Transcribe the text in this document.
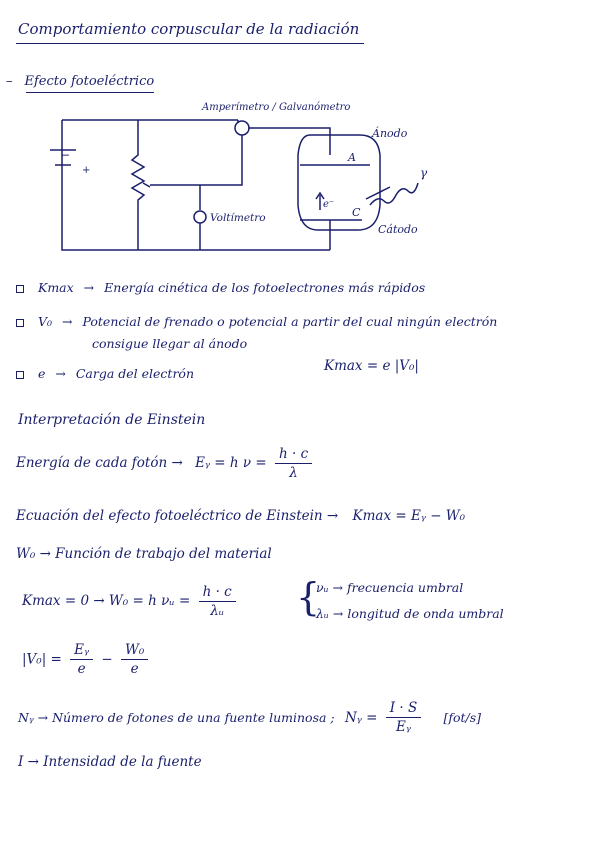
Comportamiento corpuscular de la radiación
– Efecto fotoeléctrico
−
+
Amperímetro / Galvanómetro
Voltímetro
Ánodo
Cátodo
A
C
e⁻
γ
Kmax → Energía cinética de los fotoelectrones más rápidos
V₀ → Potencial de frenado o potencial a partir del cual ningún electrón
consigue llegar al ánodo
e → Carga del electrón	Kmax = e |V₀|
Interpretación de Einstein
Energía de cada fotón → Eᵧ = h $\nu = \frac{h \cdot c}{\lambda}$
Ecuación del efecto fotoeléctrico de Einstein → Kmax = Eᵧ − W₀
W₀ → Función de trabajo del material
Kmax = 0 → W₀ = h νᵤ = $\frac{h \cdot c}{\text{λᵤ}}$ {
νᵤ → frecuencia umbral
λᵤ → longitud de onda umbral
$|V_0| = \frac{\text{Eᵧ}}{e} - \frac{\text{W₀}}{e}$
Nᵧ → Número de fotones de una fuente luminosa ; Nᵧ = $\frac{I \cdot S}{\text{Eᵧ}} [fot/s]$
I → Intensidad de la fuente
